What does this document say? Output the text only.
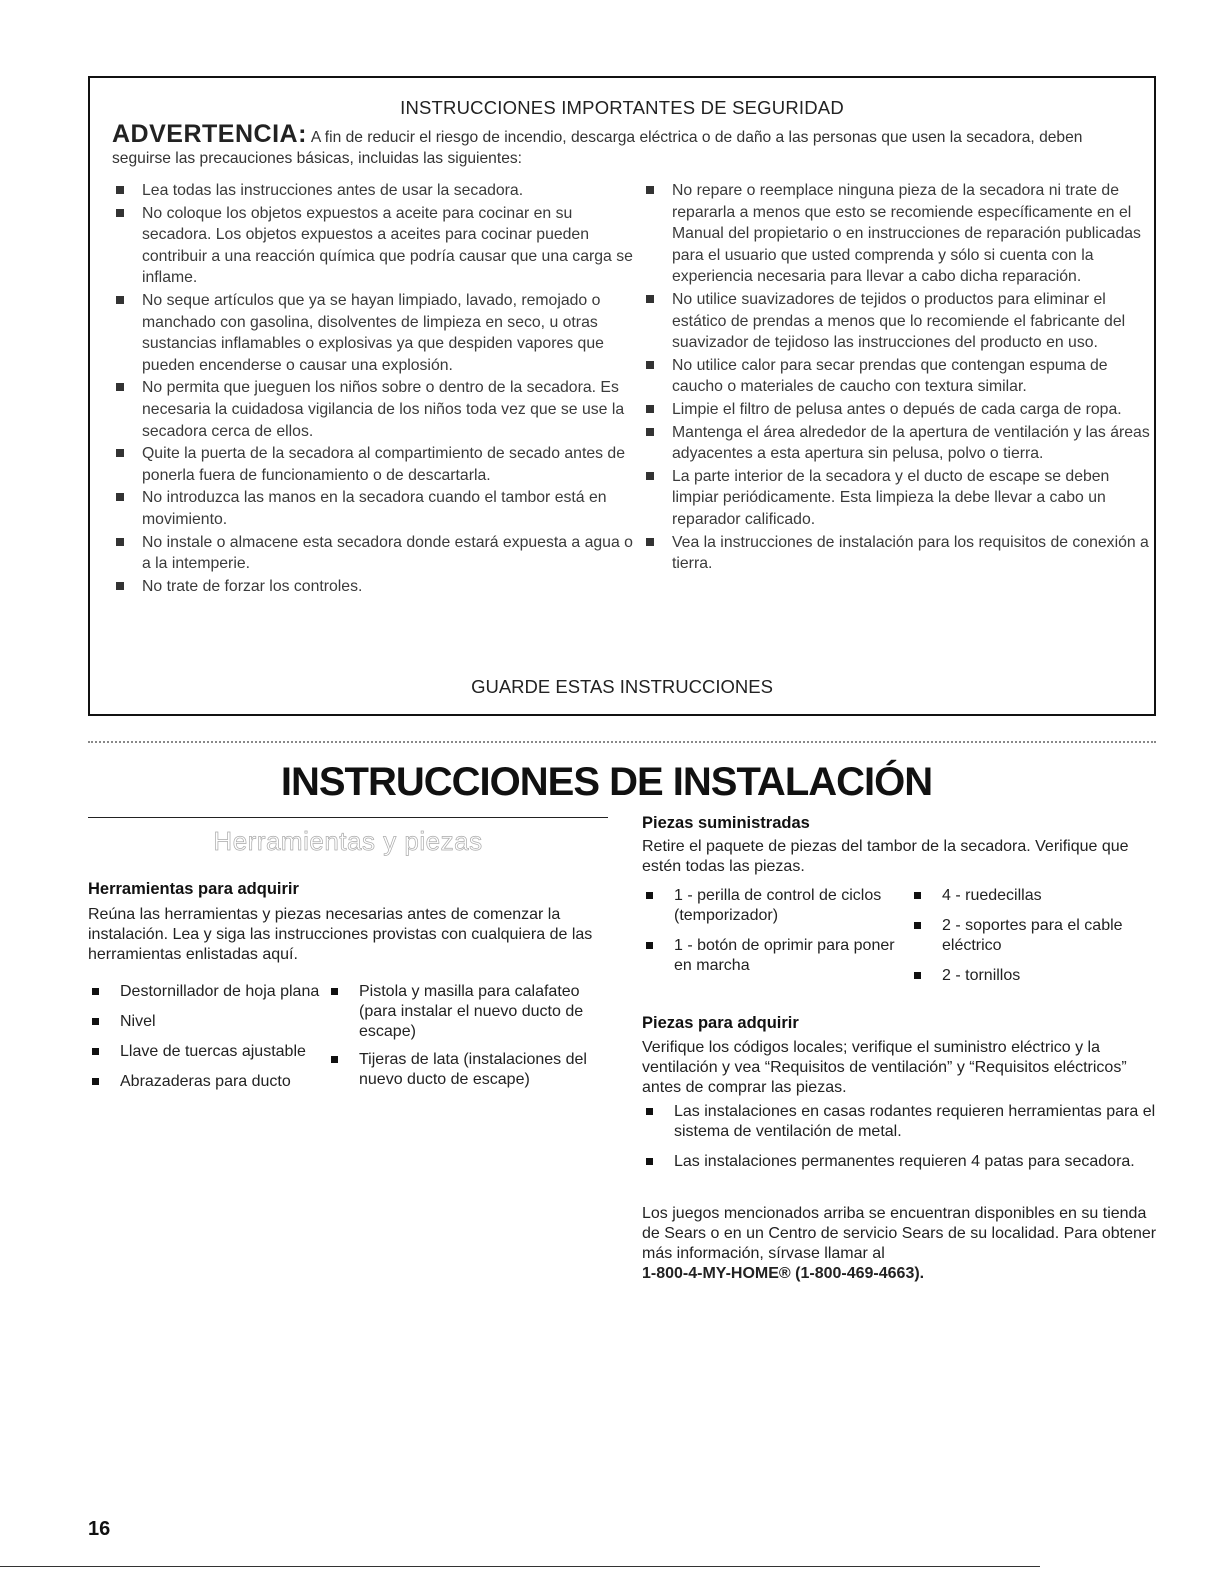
INSTRUCCIONES IMPORTANTES DE SEGURIDAD
ADVERTENCIA: A fin de reducir el riesgo de incendio, descarga eléctrica o de daño a las personas que usen la secadora, deben seguirse las precauciones básicas, incluidas las siguientes:
Lea todas las instrucciones antes de usar la secadora.
No coloque los objetos expuestos a aceite para cocinar en su secadora. Los objetos expuestos a aceites para cocinar pueden contribuir a una reacción química que podría causar que una carga se inflame.
No seque artículos que ya se hayan limpiado, lavado, remojado o manchado con gasolina, disolventes de limpieza en seco, u otras sustancias inflamables o explosivas ya que despiden vapores que pueden encenderse o causar una explosión.
No permita que jueguen los niños sobre o dentro de la secadora. Es necesaria la cuidadosa vigilancia de los niños toda vez que se use la secadora cerca de ellos.
Quite la puerta de la secadora al compartimiento de secado antes de ponerla fuera de funcionamiento o de descartarla.
No introduzca las manos en la secadora cuando el tambor está en movimiento.
No instale o almacene esta secadora donde estará expuesta a agua o a la intemperie.
No trate de forzar los controles.
No repare o reemplace ninguna pieza de la secadora ni trate de repararla a menos que esto se recomiende específicamente en el Manual del propietario o en instrucciones de reparación publicadas para el usuario que usted comprenda y sólo si cuenta con la experiencia necesaria para llevar a cabo dicha reparación.
No utilice suavizadores de tejidos o productos para eliminar el estático de prendas a menos que lo recomiende el fabricante del suavizador de tejidoso las instrucciones del producto en uso.
No utilice calor para secar prendas que contengan espuma de caucho o materiales de caucho con textura similar.
Limpie el filtro de pelusa antes o depués de cada carga de ropa.
Mantenga el área alrededor de la apertura de ventilación y las áreas adyacentes a esta apertura sin pelusa, polvo o tierra.
La parte interior de la secadora y el ducto de escape se deben limpiar periódicamente. Esta limpieza la debe llevar a cabo un reparador calificado.
Vea la instrucciones de instalación para los requisitos de conexión a tierra.
GUARDE ESTAS INSTRUCCIONES
INSTRUCCIONES DE INSTALACIÓN
Herramientas y piezas
Herramientas para adquirir
Reúna las herramientas y piezas necesarias antes de comenzar la instalación. Lea y siga las instrucciones provistas con cualquiera de las herramientas enlistadas aquí.
Destornillador de hoja plana
Nivel
Llave de tuercas ajustable
Abrazaderas para ducto
Pistola y masilla para calafateo (para instalar el nuevo ducto de escape)
Tijeras de lata (instalaciones del nuevo ducto de escape)
Piezas suministradas
Retire el paquete de piezas del tambor de la secadora. Verifique que estén todas las piezas.
1 - perilla de control de ciclos (temporizador)
1 - botón de oprimir para poner en marcha
4 - ruedecillas
2 - soportes para el cable eléctrico
2 - tornillos
Piezas para adquirir
Verifique los códigos locales; verifique el suministro eléctrico y la ventilación y vea “Requisitos de ventilación” y “Requisitos eléctricos” antes de comprar las piezas.
Las instalaciones en casas rodantes requieren herramientas para el sistema de ventilación de metal.
Las instalaciones permanentes requieren 4 patas para secadora.
Los juegos mencionados arriba se encuentran disponibles en su tienda de Sears o en un Centro de servicio Sears de su localidad. Para obtener más información, sírvase llamar al
1-800-4-MY-HOME® (1-800-469-4663).
16
